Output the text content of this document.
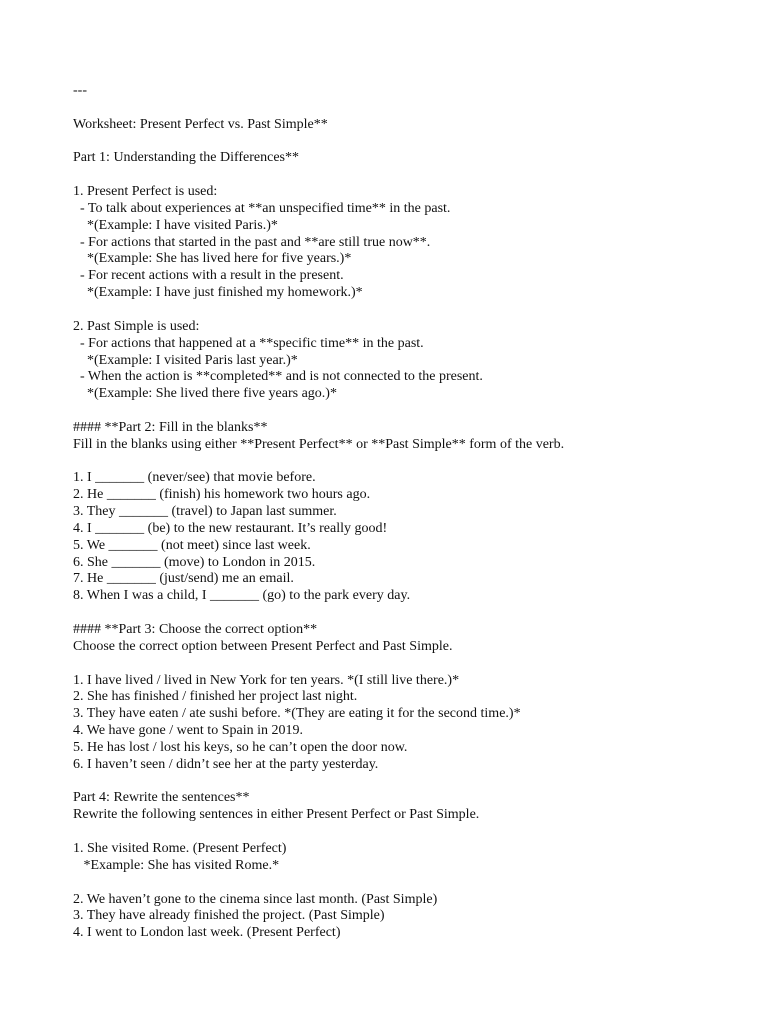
---
Worksheet: Present Perfect vs. Past Simple**
Part 1: Understanding the Differences**
1. Present Perfect is used:
- To talk about experiences at **an unspecified time** in the past.
*(Example: I have visited Paris.)*
- For actions that started in the past and **are still true now**.
*(Example: She has lived here for five years.)*
- For recent actions with a result in the present.
*(Example: I have just finished my homework.)*
2. Past Simple is used:
- For actions that happened at a **specific time** in the past.
*(Example: I visited Paris last year.)*
- When the action is **completed** and is not connected to the present.
*(Example: She lived there five years ago.)*
#### **Part 2: Fill in the blanks**
Fill in the blanks using either **Present Perfect** or **Past Simple** form of the verb.
1. I _______ (never/see) that movie before.
2. He _______ (finish) his homework two hours ago.
3. They _______ (travel) to Japan last summer.
4. I _______ (be) to the new restaurant. It’s really good!
5. We _______ (not meet) since last week.
6. She _______ (move) to London in 2015.
7. He _______ (just/send) me an email.
8. When I was a child, I _______ (go) to the park every day.
#### **Part 3: Choose the correct option**
Choose the correct option between Present Perfect and Past Simple.
1. I have lived / lived in New York for ten years. *(I still live there.)*
2. She has finished / finished her project last night.
3. They have eaten / ate sushi before. *(They are eating it for the second time.)*
4. We have gone / went to Spain in 2019.
5. He has lost / lost his keys, so he can’t open the door now.
6. I haven’t seen / didn’t see her at the party yesterday.
Part 4: Rewrite the sentences**
Rewrite the following sentences in either Present Perfect or Past Simple.
1. She visited Rome. (Present Perfect)
*Example: She has visited Rome.*
2. We haven’t gone to the cinema since last month. (Past Simple)
3. They have already finished the project. (Past Simple)
4. I went to London last week. (Present Perfect)
